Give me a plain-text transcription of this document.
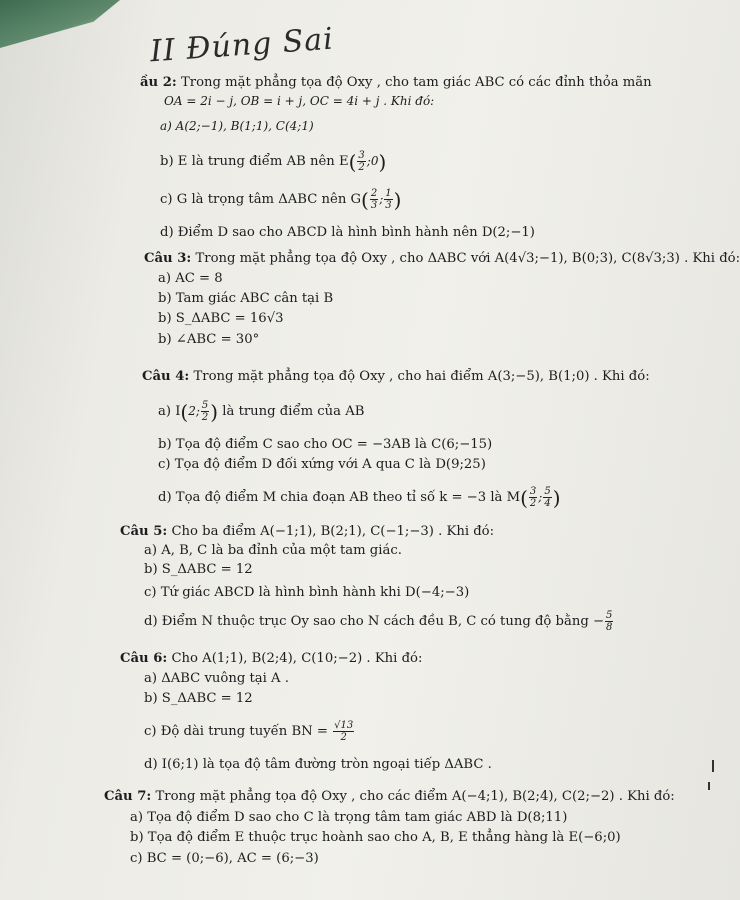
II Đúng Sai
ầu 2: Trong mặt phẳng tọa độ Oxy , cho tam giác ABC có các đỉnh thỏa mãn
OA = 2i − j, OB = i + j, OC = 4i + j . Khi đó:
a) A(2;−1), B(1;1), C(4;1)
b) E là trung điểm AB nên $E( \frac{3}{2}$ ;0)
c) G là trọng tâm ΔABC nên $G( \frac{2}{3}$ ; $\frac{1}{3}$ )
d) Điểm D sao cho ABCD là hình bình hành nên D(2;−1)
Câu 3: Trong mặt phẳng tọa độ Oxy , cho ΔABC với A(4√3;−1), B(0;3), C(8√3;3) . Khi đó:
a) AC = 8
b) Tam giác ABC cân tại B
b) S_ΔABC = 16√3
b) ∠ABC = 30°
Câu 4: Trong mặt phẳng tọa độ Oxy , cho hai điểm A(3;−5), B(1;0) . Khi đó:
a) I(2; $\frac{5}{2}$ ) là trung điểm của AB
b) Tọa độ điểm C sao cho OC = −3AB là C(6;−15)
c) Tọa độ điểm D đối xứng với A qua C là D(9;25)
d) Tọa độ điểm M chia đoạn AB theo tỉ số k = −3 là $M( \frac{3}{2}$ ; $\frac{5}{4}$ )
Câu 5: Cho ba điểm A(−1;1), B(2;1), C(−1;−3) . Khi đó:
a) A, B, C là ba đỉnh của một tam giác.
b) S_ΔABC = 12
c) Tứ giác ABCD là hình bình hành khi D(−4;−3)
d) Điểm N thuộc trục Oy sao cho N cách đều B, C có tung độ bằng − $\frac{5}{8}$
Câu 6: Cho A(1;1), B(2;4), C(10;−2) . Khi đó:
a) ΔABC vuông tại A .
b) S_ΔABC = 12
c) Độ dài trung tuyến BN = $\frac{√13}{2}$
d) I(6;1) là tọa độ tâm đường tròn ngoại tiếp ΔABC .
Câu 7: Trong mặt phẳng tọa độ Oxy , cho các điểm A(−4;1), B(2;4), C(2;−2) . Khi đó:
a) Tọa độ điểm D sao cho C là trọng tâm tam giác ABD là D(8;11)
b) Tọa độ điểm E thuộc trục hoành sao cho A, B, E thẳng hàng là E(−6;0)
c) BC = (0;−6), AC = (6;−3)
